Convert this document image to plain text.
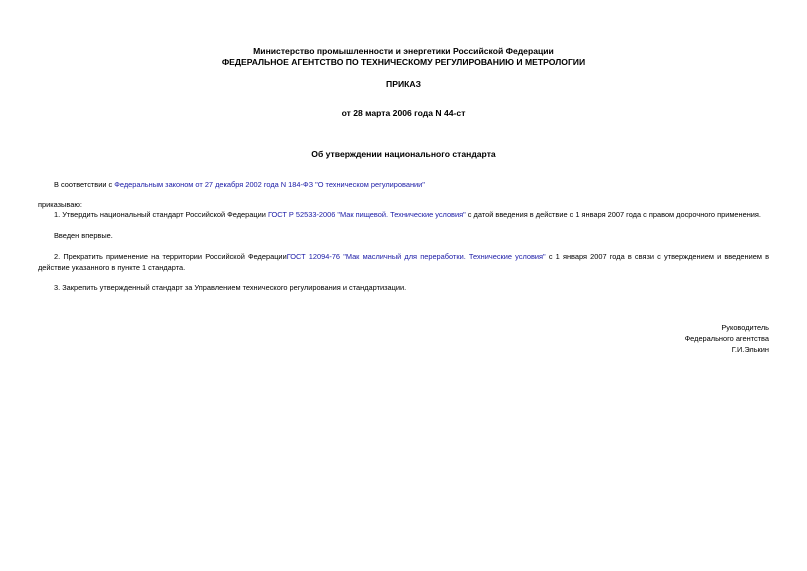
Министерство промышленности и энергетики Российской Федерации
ФЕДЕРАЛЬНОЕ АГЕНТСТВО ПО ТЕХНИЧЕСКОМУ РЕГУЛИРОВАНИЮ И МЕТРОЛОГИИ
ПРИКАЗ
от 28 марта 2006 года N 44-ст
Об утверждении национального стандарта
В соответствии с Федеральным законом от 27 декабря 2002 года N 184-ФЗ "О техническом регулировании"
приказываю:
1. Утвердить национальный стандарт Российской Федерации ГОСТ Р 52533-2006 "Мак пищевой. Технические условия" с датой введения в действие с 1 января 2007 года с правом досрочного применения.
Введен впервые.
2. Прекратить применение на территории Российской ФедерацииГОСТ 12094-76 "Мак масличный для переработки. Технические условия" с 1 января 2007 года в связи с утверждением и введением в действие указанного в пункте 1 стандарта.
3. Закрепить утвержденный стандарт за Управлением технического регулирования и стандартизации.
Руководитель
Федерального агентства
Г.И.Элькин
